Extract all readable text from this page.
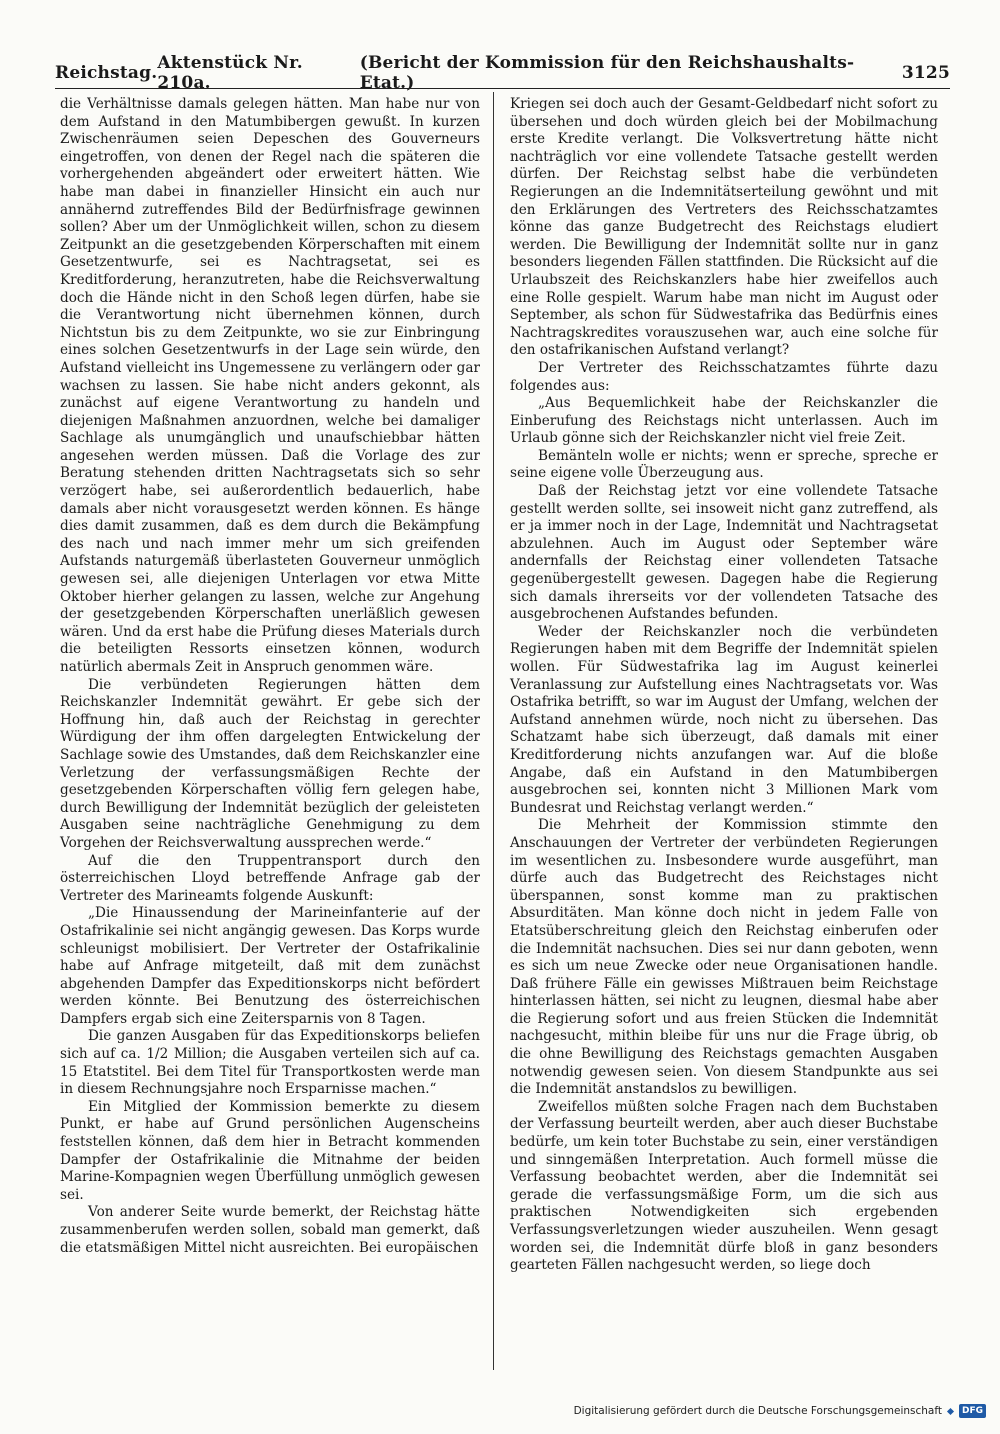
Reichstag. Aktenstück Nr. 210a.
(Bericht der Kommission für den Reichshaushalts-Etat.)	3125

die Verhältnisse damals gelegen hätten. Man habe nur von dem Aufstand in den Matumbibergen gewußt. In kurzen Zwischenräumen seien Depeschen des Gouverneurs eingetroffen, von denen der Regel nach die späteren die vorhergehenden abgeändert oder erweitert hätten. Wie habe man dabei in finanzieller Hinsicht ein auch nur annähernd zutreffendes Bild der Bedürfnisfrage gewinnen sollen? Aber um der Unmöglichkeit willen, schon zu diesem Zeitpunkt an die gesetzgebenden Körperschaften mit einem Gesetzentwurfe, sei es Nachtragsetat, sei es Kreditforderung, heranzutreten, habe die Reichsverwaltung doch die Hände nicht in den Schoß legen dürfen, habe sie die Verantwortung nicht übernehmen können, durch Nichtstun bis zu dem Zeitpunkte, wo sie zur Einbringung eines solchen Gesetzentwurfs in der Lage sein würde, den Aufstand vielleicht ins Ungemessene zu verlängern oder gar wachsen zu lassen. Sie habe nicht anders gekonnt, als zunächst auf eigene Verantwortung zu handeln und diejenigen Maßnahmen anzuordnen, welche bei damaliger Sachlage als unumgänglich und unaufschiebbar hätten angesehen werden müssen. Daß die Vorlage des zur Beratung stehenden dritten Nachtragsetats sich so sehr verzögert habe, sei außerordentlich bedauerlich, habe damals aber nicht vorausgesetzt werden können. Es hänge dies damit zusammen, daß es dem durch die Bekämpfung des nach und nach immer mehr um sich greifenden Aufstands naturgemäß überlasteten Gouverneur unmöglich gewesen sei, alle diejenigen Unterlagen vor etwa Mitte Oktober hierher gelangen zu lassen, welche zur Angehung der gesetzgebenden Körperschaften unerläßlich gewesen wären. Und da erst habe die Prüfung dieses Materials durch die beteiligten Ressorts einsetzen können, wodurch natürlich abermals Zeit in Anspruch genommen wäre.

Die verbündeten Regierungen hätten dem Reichskanzler Indemnität gewährt. Er gebe sich der Hoffnung hin, daß auch der Reichstag in gerechter Würdigung der ihm offen dargelegten Entwickelung der Sachlage sowie des Umstandes, daß dem Reichskanzler eine Verletzung der verfassungsmäßigen Rechte der gesetzgebenden Körperschaften völlig fern gelegen habe, durch Bewilligung der Indemnität bezüglich der geleisteten Ausgaben seine nachträgliche Genehmigung zu dem Vorgehen der Reichsverwaltung aussprechen werde.“

Auf die den Truppentransport durch den österreichischen Lloyd betreffende Anfrage gab der Vertreter des Marineamts folgende Auskunft:

„Die Hinaussendung der Marineinfanterie auf der Ostafrikalinie sei nicht angängig gewesen. Das Korps wurde schleunigst mobilisiert. Der Vertreter der Ostafrikalinie habe auf Anfrage mitgeteilt, daß mit dem zunächst abgehenden Dampfer das Expeditionskorps nicht befördert werden könnte. Bei Benutzung des österreichischen Dampfers ergab sich eine Zeitersparnis von 8 Tagen.

Die ganzen Ausgaben für das Expeditionskorps beliefen sich auf ca. 1/2 Million; die Ausgaben verteilen sich auf ca. 15 Etatstitel. Bei dem Titel für Transportkosten werde man in diesem Rechnungsjahre noch Ersparnisse machen.“

Ein Mitglied der Kommission bemerkte zu diesem Punkt, er habe auf Grund persönlichen Augenscheins feststellen können, daß dem hier in Betracht kommenden Dampfer der Ostafrikalinie die Mitnahme der beiden Marine-Kompagnien wegen Überfüllung unmöglich gewesen sei.

Von anderer Seite wurde bemerkt, der Reichstag hätte zusammenberufen werden sollen, sobald man gemerkt, daß die etatsmäßigen Mittel nicht ausreichten. Bei europäischen

Kriegen sei doch auch der Gesamt-Geldbedarf nicht sofort zu übersehen und doch würden gleich bei der Mobilmachung erste Kredite verlangt. Die Volksvertretung hätte nicht nachträglich vor eine vollendete Tatsache gestellt werden dürfen. Der Reichstag selbst habe die verbündeten Regierungen an die Indemnitätserteilung gewöhnt und mit den Erklärungen des Vertreters des Reichsschatzamtes könne das ganze Budgetrecht des Reichstags eludiert werden. Die Bewilligung der Indemnität sollte nur in ganz besonders liegenden Fällen stattfinden. Die Rücksicht auf die Urlaubszeit des Reichskanzlers habe hier zweifellos auch eine Rolle gespielt. Warum habe man nicht im August oder September, als schon für Südwestafrika das Bedürfnis eines Nachtragskredites vorauszusehen war, auch eine solche für den ostafrikanischen Aufstand verlangt?

Der Vertreter des Reichsschatzamtes führte dazu folgendes aus:

„Aus Bequemlichkeit habe der Reichskanzler die Einberufung des Reichstags nicht unterlassen. Auch im Urlaub gönne sich der Reichskanzler nicht viel freie Zeit.

Bemänteln wolle er nichts; wenn er spreche, spreche er seine eigene volle Überzeugung aus.

Daß der Reichstag jetzt vor eine vollendete Tatsache gestellt werden sollte, sei insoweit nicht ganz zutreffend, als er ja immer noch in der Lage, Indemnität und Nachtragsetat abzulehnen. Auch im August oder September wäre andernfalls der Reichstag einer vollendeten Tatsache gegenübergestellt gewesen. Dagegen habe die Regierung sich damals ihrerseits vor der vollendeten Tatsache des ausgebrochenen Aufstandes befunden.

Weder der Reichskanzler noch die verbündeten Regierungen haben mit dem Begriffe der Indemnität spielen wollen. Für Südwestafrika lag im August keinerlei Veranlassung zur Aufstellung eines Nachtragsetats vor. Was Ostafrika betrifft, so war im August der Umfang, welchen der Aufstand annehmen würde, noch nicht zu übersehen. Das Schatzamt habe sich überzeugt, daß damals mit einer Kreditforderung nichts anzufangen war. Auf die bloße Angabe, daß ein Aufstand in den Matumbibergen ausgebrochen sei, konnten nicht 3 Millionen Mark vom Bundesrat und Reichstag verlangt werden.“

Die Mehrheit der Kommission stimmte den Anschauungen der Vertreter der verbündeten Regierungen im wesentlichen zu. Insbesondere wurde ausgeführt, man dürfe auch das Budgetrecht des Reichstages nicht überspannen, sonst komme man zu praktischen Absurditäten. Man könne doch nicht in jedem Falle von Etatsüberschreitung gleich den Reichstag einberufen oder die Indemnität nachsuchen. Dies sei nur dann geboten, wenn es sich um neue Zwecke oder neue Organisationen handle. Daß frühere Fälle ein gewisses Mißtrauen beim Reichstage hinterlassen hätten, sei nicht zu leugnen, diesmal habe aber die Regierung sofort und aus freien Stücken die Indemnität nachgesucht, mithin bleibe für uns nur die Frage übrig, ob die ohne Bewilligung des Reichstags gemachten Ausgaben notwendig gewesen seien. Von diesem Standpunkte aus sei die Indemnität anstandslos zu bewilligen.

Zweifellos müßten solche Fragen nach dem Buchstaben der Verfassung beurteilt werden, aber auch dieser Buchstabe bedürfe, um kein toter Buchstabe zu sein, einer verständigen und sinngemäßen Interpretation. Auch formell müsse die Verfassung beobachtet werden, aber die Indemnität sei gerade die verfassungsmäßige Form, um die sich aus praktischen Notwendigkeiten sich ergebenden Verfassungsverletzungen wieder auszuheilen. Wenn gesagt worden sei, die Indemnität dürfe bloß in ganz besonders gearteten Fällen nachgesucht werden, so liege doch

Digitalisierung gefördert durch die Deutsche Forschungsgemeinschaft	DFG
